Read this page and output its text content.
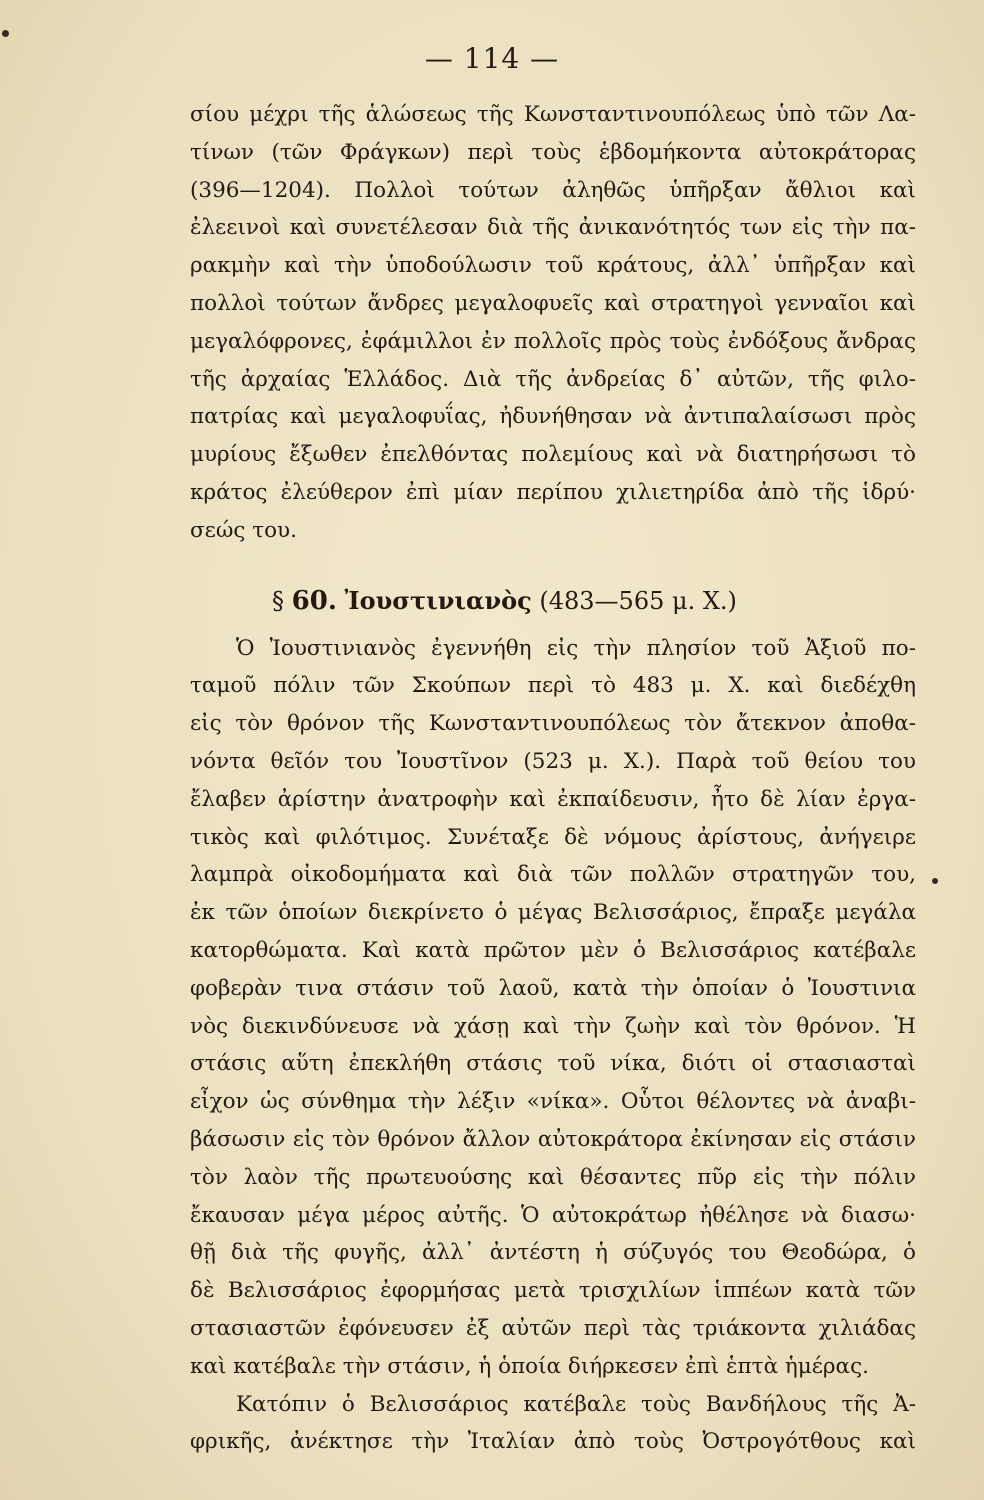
— 114 —
σίου μέχρι τῆς ἁλώσεως τῆς Κωνσταντινουπόλεως ὑπὸ τῶν Λα-
τίνων (τῶν Φράγκων) περὶ τοὺς ἑβδομήκοντα αὐτοκράτορας
(396—1204). Πολλοὶ τούτων ἀληθῶς ὑπῆρξαν ἄθλιοι καὶ
ἐλεεινοὶ καὶ συνετέλεσαν διὰ τῆς ἀνικανότητός των εἰς τὴν πα-
ρακμὴν καὶ τὴν ὑποδούλωσιν τοῦ κράτους, ἀλλ᾽ ὑπῆρξαν καὶ
πολλοὶ τούτων ἄνδρες μεγαλοφυεῖς καὶ στρατηγοὶ γενναῖοι καὶ
μεγαλόφρονες, ἐφάμιλλοι ἐν πολλοῖς πρὸς τοὺς ἐνδόξους ἄνδρας
τῆς ἀρχαίας Ἑλλάδος. Διὰ τῆς ἀνδρείας δ᾽ αὐτῶν, τῆς φιλο-
πατρίας καὶ μεγαλοφυΐας, ἠδυνήθησαν νὰ ἀντιπαλαίσωσι πρὸς
μυρίους ἔξωθεν ἐπελθόντας πολεμίους καὶ νὰ διατηρήσωσι τὸ
κράτος ἐλεύθερον ἐπὶ μίαν περίπου χιλιετηρίδα ἀπὸ τῆς ἱδρύ·
σεώς του.
§ 60. Ἰουστινιανὸς (483—565 μ. Χ.)
Ὁ Ἰουστινιανὸς ἐγεννήθη εἰς τὴν πλησίον τοῦ Ἀξιοῦ πο-
ταμοῦ πόλιν τῶν Σκούπων περὶ τὸ 483 μ. Χ. καὶ διεδέχθη
εἰς τὸν θρόνον τῆς Κωνσταντινουπόλεως τὸν ἄτεκνον ἀποθα-
νόντα θεῖόν του Ἰουστῖνον (523 μ. Χ.). Παρὰ τοῦ θείου του
ἔλαβεν ἀρίστην ἀνατροφὴν καὶ ἐκπαίδευσιν, ἦτο δὲ λίαν ἐργα-
τικὸς καὶ φιλότιμος. Συνέταξε δὲ νόμους ἀρίστους, ἀνήγειρε
λαμπρὰ οἰκοδομήματα καὶ διὰ τῶν πολλῶν στρατηγῶν του,
ἐκ τῶν ὁποίων διεκρίνετο ὁ μέγας Βελισσάριος, ἔπραξε μεγάλα
κατορθώματα. Καὶ κατὰ πρῶτον μὲν ὁ Βελισσάριος κατέβαλε
φοβερὰν τινα στάσιν τοῦ λαοῦ, κατὰ τὴν ὁποίαν ὁ Ἰουστινια
νὸς διεκινδύνευσε νὰ χάσῃ καὶ τὴν ζωὴν καὶ τὸν θρόνον. Ἡ
στάσις αὕτη ἐπεκλήθη στάσις τοῦ νίκα, διότι οἱ στασιασταὶ
εἶχον ὡς σύνθημα τὴν λέξιν «νίκα». Οὗτοι θέλοντες νὰ ἀναβι-
βάσωσιν εἰς τὸν θρόνον ἄλλον αὐτοκράτορα ἐκίνησαν εἰς στάσιν
τὸν λαὸν τῆς πρωτευούσης καὶ θέσαντες πῦρ εἰς τὴν πόλιν
ἔκαυσαν μέγα μέρος αὐτῆς. Ὁ αὐτοκράτωρ ἠθέλησε νὰ διασω·
θῇ διὰ τῆς φυγῆς, ἀλλ᾽ ἀντέστη ἡ σύζυγός του Θεοδώρα, ὁ
δὲ Βελισσάριος ἐφορμήσας μετὰ τρισχιλίων ἱππέων κατὰ τῶν
στασιαστῶν ἐφόνευσεν ἐξ αὐτῶν περὶ τὰς τριάκοντα χιλιάδας
καὶ κατέβαλε τὴν στάσιν, ἡ ὁποία διήρκεσεν ἐπὶ ἑπτὰ ἡμέρας.
Κατόπιν ὁ Βελισσάριος κατέβαλε τοὺς Βανδήλους τῆς Ἀ-
φρικῆς, ἀνέκτησε τὴν Ἰταλίαν ἀπὸ τοὺς Ὀστρογότθους καὶ
